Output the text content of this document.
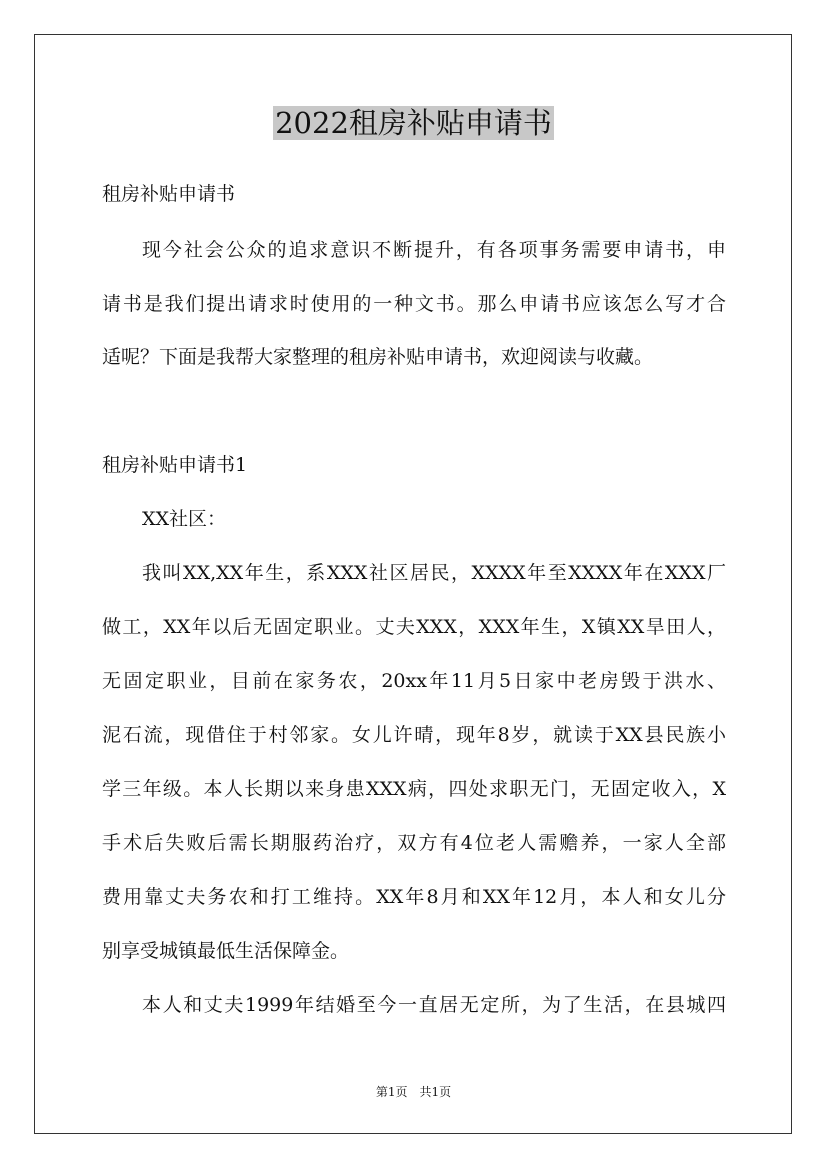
2022租房补贴申请书
租房补贴申请书
现今社会公众的追求意识不断提升，有各项事务需要申请书，申
请书是我们提出请求时使用的一种文书。那么申请书应该怎么写才合
适呢？下面是我帮大家整理的租房补贴申请书，欢迎阅读与收藏。
租房补贴申请书1
XX社区：
我叫XX,XX年生，系XXX社区居民，XXXX年至XXXX年在XXX厂
做工，XX年以后无固定职业。丈夫XXX，XXX年生，X镇XX旱田人，
无固定职业，目前在家务农，20xx年11月5日家中老房毁于洪水、
泥石流，现借住于村邻家。女儿许晴，现年8岁，就读于XX县民族小
学三年级。本人长期以来身患XXX病，四处求职无门，无固定收入，X
手术后失败后需长期服药治疗，双方有4位老人需赡养，一家人全部
费用靠丈夫务农和打工维持。XX年8月和XX年12月，本人和女儿分
别享受城镇最低生活保障金。
本人和丈夫1999年结婚至今一直居无定所，为了生活，在县城四
第1页　共1页
